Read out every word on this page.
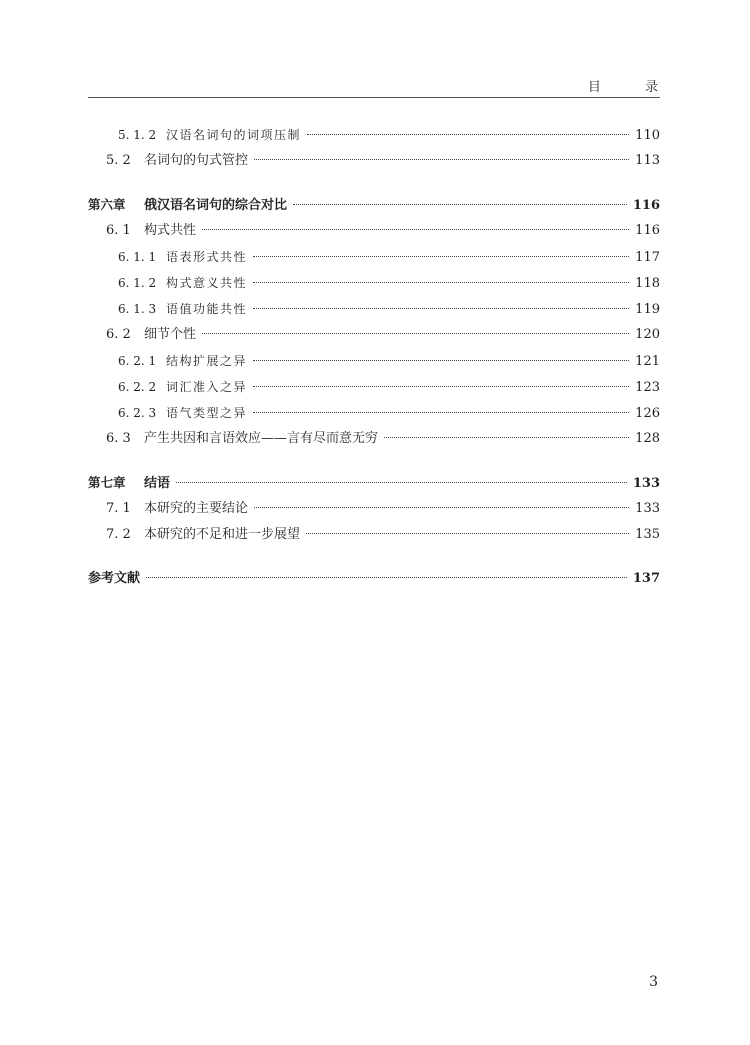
目 录
5. 1. 2 汉语名词句的词项压制	110
5. 2	名词句的句式管控	113
第六章	俄汉语名词句的综合对比	116
6. 1	构式共性	116
6. 1. 1 语表形式共性	117
6. 1. 2 构式意义共性	118
6. 1. 3 语值功能共性	119
6. 2	细节个性	120
6. 2. 1 结构扩展之异	121
6. 2. 2 词汇准入之异	123
6. 2. 3 语气类型之异	126
6. 3	产生共因和言语效应——言有尽而意无穷	128
第七章	结语	133
7. 1	本研究的主要结论	133
7. 2	本研究的不足和进一步展望	135
参考文献	137
3
